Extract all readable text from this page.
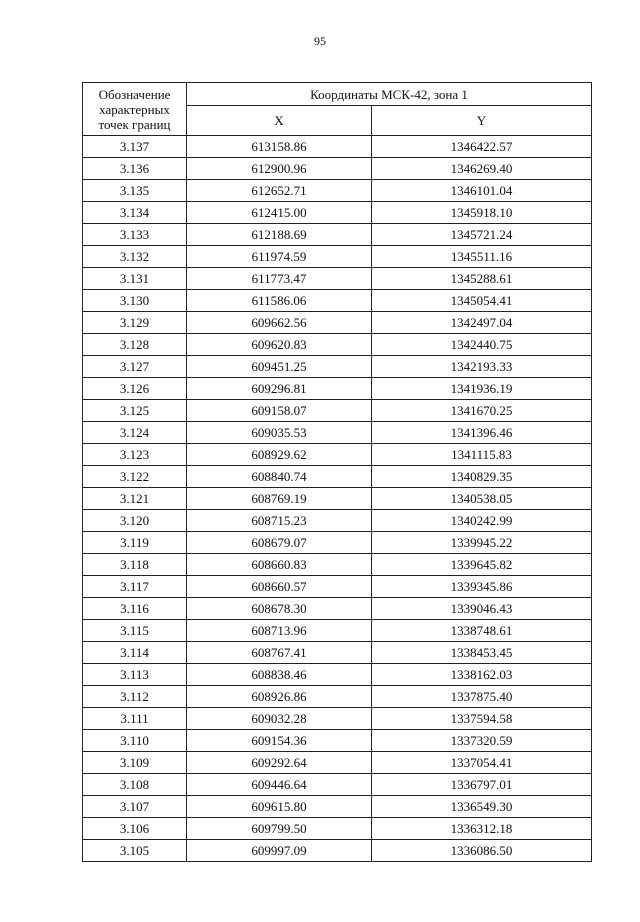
95
Обозначение характерных точек границ	Координаты МСК-42, зона 1	
	X	Y
3.137	613158.86	1346422.57
3.136	612900.96	1346269.40
3.135	612652.71	1346101.04
3.134	612415.00	1345918.10
3.133	612188.69	1345721.24
3.132	611974.59	1345511.16
3.131	611773.47	1345288.61
3.130	611586.06	1345054.41
3.129	609662.56	1342497.04
3.128	609620.83	1342440.75
3.127	609451.25	1342193.33
3.126	609296.81	1341936.19
3.125	609158.07	1341670.25
3.124	609035.53	1341396.46
3.123	608929.62	1341115.83
3.122	608840.74	1340829.35
3.121	608769.19	1340538.05
3.120	608715.23	1340242.99
3.119	608679.07	1339945.22
3.118	608660.83	1339645.82
3.117	608660.57	1339345.86
3.116	608678.30	1339046.43
3.115	608713.96	1338748.61
3.114	608767.41	1338453.45
3.113	608838.46	1338162.03
3.112	608926.86	1337875.40
3.111	609032.28	1337594.58
3.110	609154.36	1337320.59
3.109	609292.64	1337054.41
3.108	609446.64	1336797.01
3.107	609615.80	1336549.30
3.106	609799.50	1336312.18
3.105	609997.09	1336086.50
